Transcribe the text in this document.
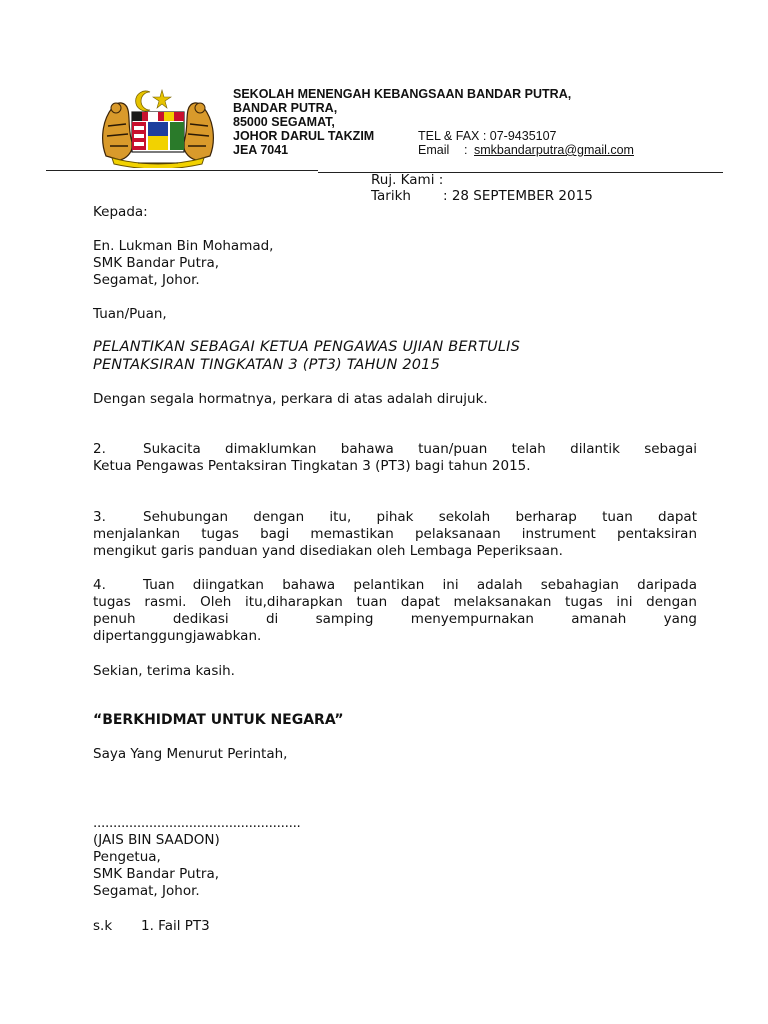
SEKOLAH MENENGAH KEBANGSAAN BANDAR PUTRA,
BANDAR PUTRA,
85000 SEGAMAT,
JOHOR DARUL TAKZIM	TEL & FAX : 07-9435107
JEA 7041	Email : smkbandarputra@gmail.com
Ruj. Kami :
Tarikh : 28 SEPTEMBER 2015
Kepada:
En. Lukman Bin Mohamad,
SMK Bandar Putra,
Segamat, Johor.
Tuan/Puan,
PELANTIKAN SEBAGAI KETUA PENGAWAS UJIAN BERTULIS
PENTAKSIRAN TINGKATAN 3 (PT3) TAHUN 2015
Dengan segala hormatnya, perkara di atas adalah dirujuk.
2.	Sukacita dimaklumkan bahawa tuan/puan telah dilantik sebagai
Ketua Pengawas Pentaksiran Tingkatan 3 (PT3) bagi tahun 2015.
3.	Sehubungan dengan itu, pihak sekolah berharap tuan dapat
menjalankan tugas bagi memastikan pelaksanaan instrument pentaksiran
mengikut garis panduan yand disediakan oleh Lembaga Peperiksaan.
4.	Tuan diingatkan bahawa pelantikan ini adalah sebahagian daripada
tugas rasmi. Oleh itu,diharapkan tuan dapat melaksanakan tugas ini dengan
penuh dedikasi di samping menyempurnakan amanah yang
dipertanggungjawabkan.
Sekian, terima kasih.
“BERKHIDMAT UNTUK NEGARA”
Saya Yang Menurut Perintah,
....................................................
(JAIS BIN SAADON)
Pengetua,
SMK Bandar Putra,
Segamat, Johor.
s.k 1. Fail PT3
